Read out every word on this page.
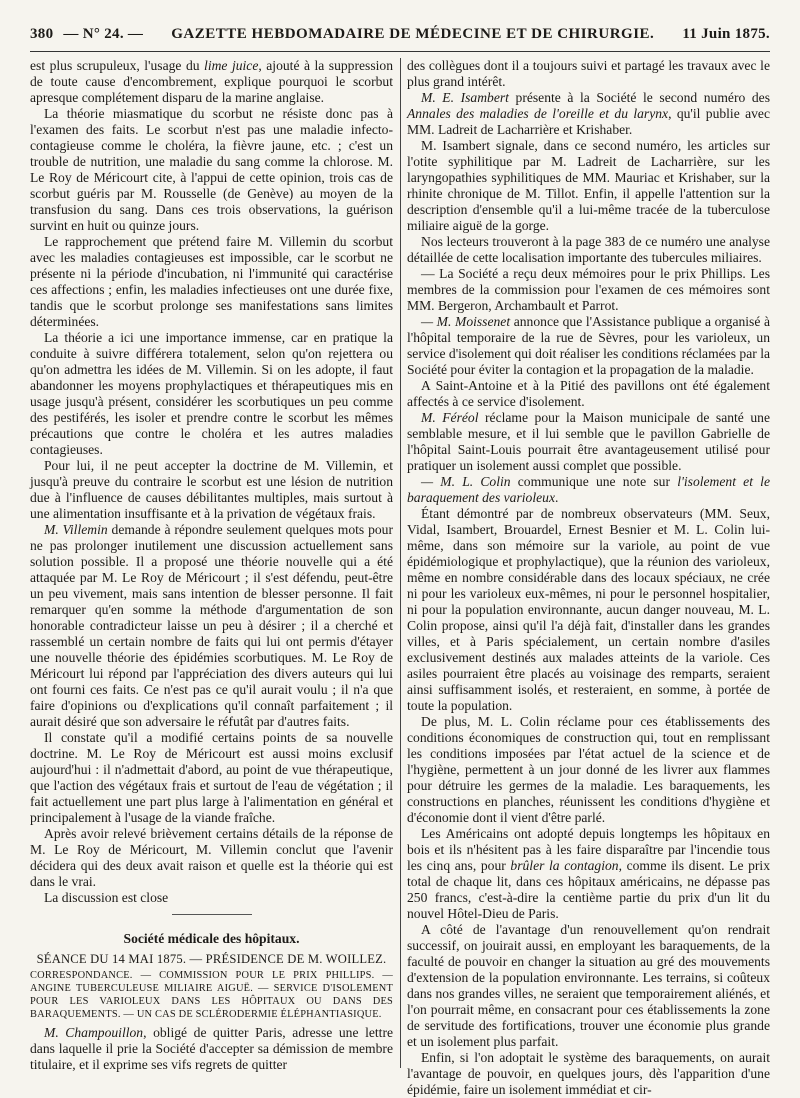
380 — N° 24. — GAZETTE HEBDOMADAIRE DE MÉDECINE ET DE CHIRURGIE. 11 Juin 1875.

est plus scrupuleux, l'usage du lime juice, ajouté à la suppression de toute cause d'encombrement, explique pourquoi le scorbut apresque complétement disparu de la marine anglaise.

La théorie miasmatique du scorbut ne résiste donc pas à l'examen des faits. Le scorbut n'est pas une maladie infecto-contagieuse comme le choléra, la fièvre jaune, etc. ; c'est un trouble de nutrition, une maladie du sang comme la chlorose. M. Le Roy de Méricourt cite, à l'appui de cette opinion, trois cas de scorbut guéris par M. Rousselle (de Genève) au moyen de la transfusion du sang. Dans ces trois observations, la guérison survint en huit ou quinze jours.

Le rapprochement que prétend faire M. Villemin du scorbut avec les maladies contagieuses est impossible, car le scorbut ne présente ni la période d'incubation, ni l'immunité qui caractérise ces affections ; enfin, les maladies infectieuses ont une durée fixe, tandis que le scorbut prolonge ses manifestations sans limites déterminées.

La théorie a ici une importance immense, car en pratique la conduite à suivre différera totalement, selon qu'on rejettera ou qu'on admettra les idées de M. Villemin. Si on les adopte, il faut abandonner les moyens prophylactiques et thérapeutiques mis en usage jusqu'à présent, considérer les scorbutiques un peu comme des pestiférés, les isoler et prendre contre le scorbut les mêmes précautions que contre le choléra et les autres maladies contagieuses.

Pour lui, il ne peut accepter la doctrine de M. Villemin, et jusqu'à preuve du contraire le scorbut est une lésion de nutrition due à l'influence de causes débilitantes multiples, mais surtout à une alimentation insuffisante et à la privation de végétaux frais.

M. Villemin demande à répondre seulement quelques mots pour ne pas prolonger inutilement une discussion actuellement sans solution possible. Il a proposé une théorie nouvelle qui a été attaquée par M. Le Roy de Méricourt ; il s'est défendu, peut-être un peu vivement, mais sans intention de blesser personne. Il fait remarquer qu'en somme la méthode d'argumentation de son honorable contradicteur laisse un peu à désirer ; il a cherché et rassemblé un certain nombre de faits qui lui ont permis d'étayer une nouvelle théorie des épidémies scorbutiques. M. Le Roy de Méricourt lui répond par l'appréciation des divers auteurs qui lui ont fourni ces faits. Ce n'est pas ce qu'il aurait voulu ; il n'a que faire d'opinions ou d'explications qu'il connaît parfaitement ; il aurait désiré que son adversaire le réfutât par d'autres faits.

Il constate qu'il a modifié certains points de sa nouvelle doctrine. M. Le Roy de Méricourt est aussi moins exclusif aujourd'hui : il n'admettait d'abord, au point de vue thérapeutique, que l'action des végétaux frais et surtout de l'eau de végétation ; il fait actuellement une part plus large à l'alimentation en général et principalement à l'usage de la viande fraîche.

Après avoir relevé brièvement certains détails de la réponse de M. Le Roy de Méricourt, M. Villemin conclut que l'avenir décidera qui des deux avait raison et quelle est la théorie qui est dans le vrai.

La discussion est close

Société médicale des hôpitaux.

SÉANCE DU 14 MAI 1875. — PRÉSIDENCE DE M. WOILLEZ.

CORRESPONDANCE. — COMMISSION POUR LE PRIX PHILLIPS. — ANGINE TUBERCULEUSE MILIAIRE AIGUË. — SERVICE D'ISOLEMENT POUR LES VARIOLEUX DANS LES HÔPITAUX OU DANS DES BARAQUEMENTS. — UN CAS DE SCLÉRODERMIE ÉLÉPHANTIASIQUE.

M. Champouillon, obligé de quitter Paris, adresse une lettre dans laquelle il prie la Société d'accepter sa démission de membre titulaire, et il exprime ses vifs regrets de quitter

des collègues dont il a toujours suivi et partagé les travaux avec le plus grand intérêt.

M. E. Isambert présente à la Société le second numéro des Annales des maladies de l'oreille et du larynx, qu'il publie avec MM. Ladreit de Lacharrière et Krishaber.

M. Isambert signale, dans ce second numéro, les articles sur l'otite syphilitique par M. Ladreit de Lacharrière, sur les laryngopathies syphilitiques de MM. Mauriac et Krishaber, sur la rhinite chronique de M. Tillot. Enfin, il appelle l'attention sur la description d'ensemble qu'il a lui-même tracée de la tuberculose miliaire aiguë de la gorge.

Nos lecteurs trouveront à la page 383 de ce numéro une analyse détaillée de cette localisation importante des tubercules miliaires.

— La Société a reçu deux mémoires pour le prix Phillips. Les membres de la commission pour l'examen de ces mémoires sont MM. Bergeron, Archambault et Parrot.

— M. Moissenet annonce que l'Assistance publique a organisé à l'hôpital temporaire de la rue de Sèvres, pour les varioleux, un service d'isolement qui doit réaliser les conditions réclamées par la Société pour éviter la contagion et la propagation de la maladie.

A Saint-Antoine et à la Pitié des pavillons ont été également affectés à ce service d'isolement.

M. Féréol réclame pour la Maison municipale de santé une semblable mesure, et il lui semble que le pavillon Gabrielle de l'hôpital Saint-Louis pourrait être avantageusement utilisé pour pratiquer un isolement aussi complet que possible.

— M. L. Colin communique une note sur l'isolement et le baraquement des varioleux.

Étant démontré par de nombreux observateurs (MM. Seux, Vidal, Isambert, Brouardel, Ernest Besnier et M. L. Colin lui-même, dans son mémoire sur la variole, au point de vue épidémiologique et prophylactique), que la réunion des varioleux, même en nombre considérable dans des locaux spéciaux, ne crée ni pour les varioleux eux-mêmes, ni pour le personnel hospitalier, ni pour la population environnante, aucun danger nouveau, M. L. Colin propose, ainsi qu'il l'a déjà fait, d'installer dans les grandes villes, et à Paris spécialement, un certain nombre d'asiles exclusivement destinés aux malades atteints de la variole. Ces asiles pourraient être placés au voisinage des remparts, seraient ainsi suffisamment isolés, et resteraient, en somme, à portée de toute la population.

De plus, M. L. Colin réclame pour ces établissements des conditions économiques de construction qui, tout en remplissant les conditions imposées par l'état actuel de la science et de l'hygiène, permettent à un jour donné de les livrer aux flammes pour détruire les germes de la maladie. Les baraquements, les constructions en planches, réunissent les conditions d'hygiène et d'économie dont il vient d'être parlé.

Les Américains ont adopté depuis longtemps les hôpitaux en bois et ils n'hésitent pas à les faire disparaître par l'incendie tous les cinq ans, pour brûler la contagion, comme ils disent. Le prix total de chaque lit, dans ces hôpitaux américains, ne dépasse pas 250 francs, c'est-à-dire la centième partie du prix d'un lit du nouvel Hôtel-Dieu de Paris.

A côté de l'avantage d'un renouvellement qu'on rendrait successif, on jouirait aussi, en employant les baraquements, de la faculté de pouvoir en changer la situation au gré des mouvements d'extension de la population environnante. Les terrains, si coûteux dans nos grandes villes, ne seraient que temporairement aliénés, et l'on pourrait même, en consacrant pour ces établissements la zone de servitude des fortifications, trouver une économie plus grande et un isolement plus parfait.

Enfin, si l'on adoptait le système des baraquements, on aurait l'avantage de pouvoir, en quelques jours, dès l'apparition d'une épidémie, faire un isolement immédiat et cir-
